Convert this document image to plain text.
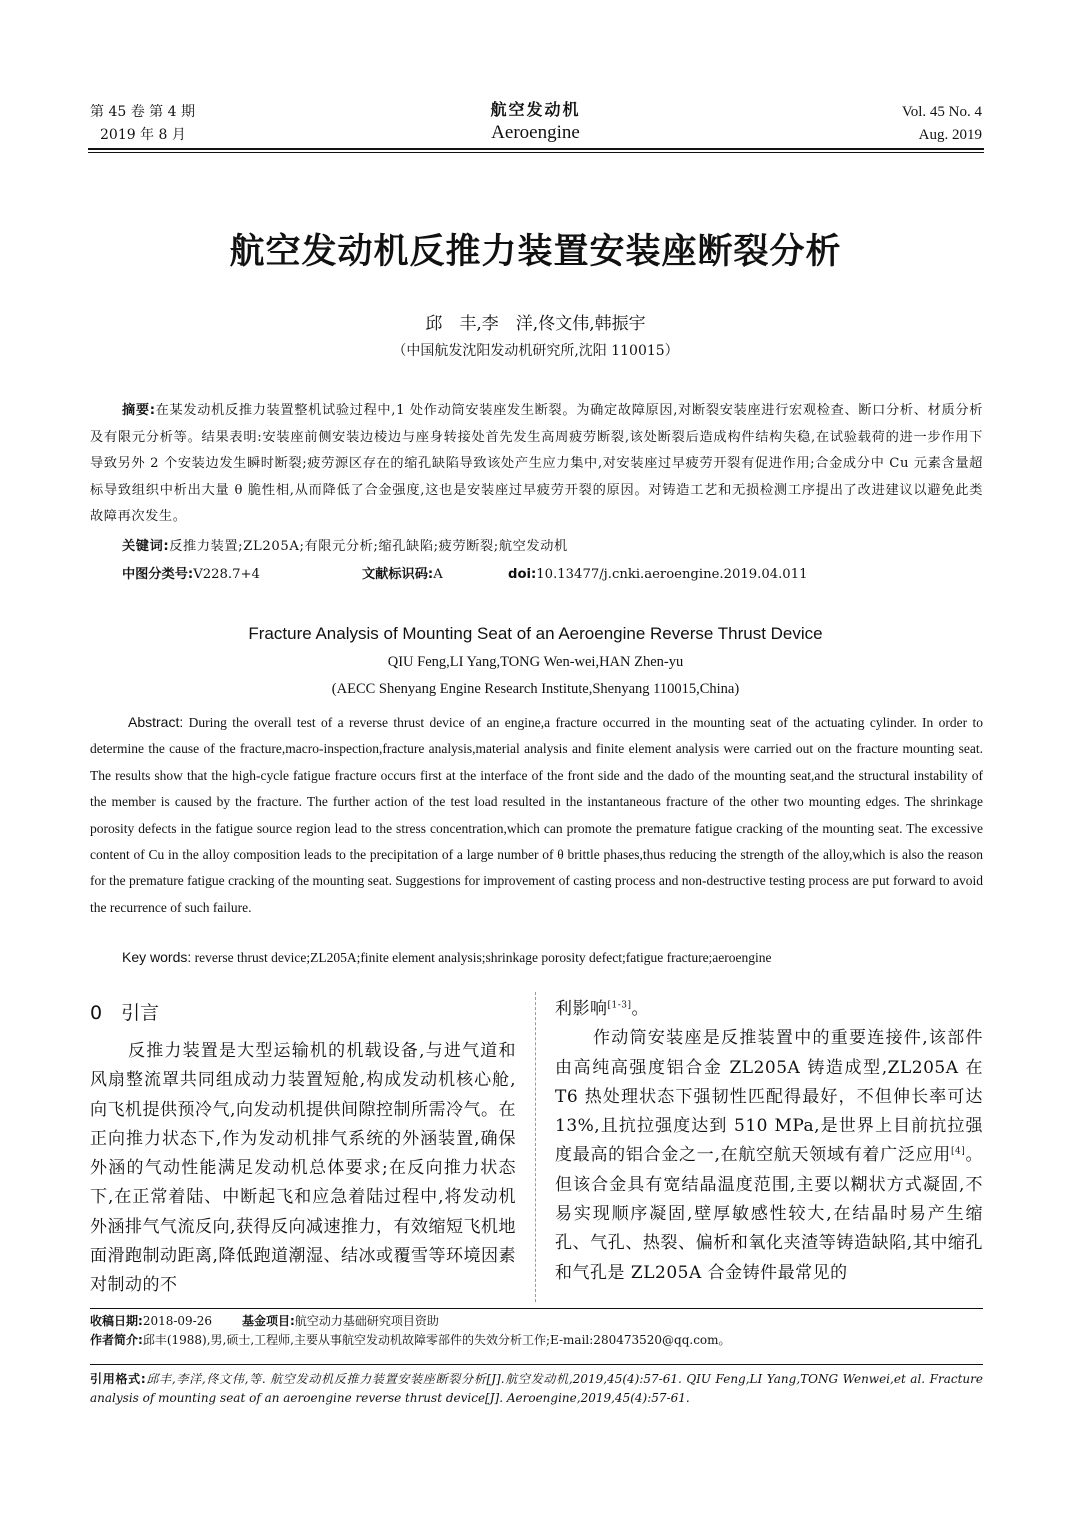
第 45 卷 第 4 期
2019 年 8 月
航空发动机
Aeroengine
Vol. 45 No. 4
Aug. 2019
航空发动机反推力装置安装座断裂分析
邱　丰,李　洋,佟文伟,韩振宇
（中国航发沈阳发动机研究所,沈阳 110015）
摘要:在某发动机反推力装置整机试验过程中,1 处作动筒安装座发生断裂。为确定故障原因,对断裂安装座进行宏观检查、断口分析、材质分析及有限元分析等。结果表明:安装座前侧安装边棱边与座身转接处首先发生高周疲劳断裂,该处断裂后造成构件结构失稳,在试验载荷的进一步作用下导致另外 2 个安装边发生瞬时断裂;疲劳源区存在的缩孔缺陷导致该处产生应力集中,对安装座过早疲劳开裂有促进作用;合金成分中 Cu 元素含量超标导致组织中析出大量 θ 脆性相,从而降低了合金强度,这也是安装座过早疲劳开裂的原因。对铸造工艺和无损检测工序提出了改进建议以避免此类故障再次发生。
关键词:反推力装置;ZL205A;有限元分析;缩孔缺陷;疲劳断裂;航空发动机
中图分类号:V228.7+4	文献标识码:A	doi:10.13477/j.cnki.aeroengine.2019.04.011
Fracture Analysis of Mounting Seat of an Aeroengine Reverse Thrust Device
QIU Feng,LI Yang,TONG Wen-wei,HAN Zhen-yu
(AECC Shenyang Engine Research Institute,Shenyang 110015,China)
Abstract: During the overall test of a reverse thrust device of an engine,a fracture occurred in the mounting seat of the actuating cylinder. In order to determine the cause of the fracture,macro-inspection,fracture analysis,material analysis and finite element analysis were carried out on the fracture mounting seat. The results show that the high-cycle fatigue fracture occurs first at the interface of the front side and the dado of the mounting seat,and the structural instability of the member is caused by the fracture. The further action of the test load resulted in the instantaneous fracture of the other two mounting edges. The shrinkage porosity defects in the fatigue source region lead to the stress concentration,which can promote the premature fatigue cracking of the mounting seat. The excessive content of Cu in the alloy composition leads to the precipitation of a large number of θ brittle phases,thus reducing the strength of the alloy,which is also the reason for the premature fatigue cracking of the mounting seat. Suggestions for improvement of casting process and non-destructive testing process are put forward to avoid the recurrence of such failure.
Key words: reverse thrust device;ZL205A;finite element analysis;shrinkage porosity defect;fatigue fracture;aeroengine
0　引言
反推力装置是大型运输机的机载设备,与进气道和风扇整流罩共同组成动力装置短舱,构成发动机核心舱,向飞机提供预冷气,向发动机提供间隙控制所需冷气。在正向推力状态下,作为发动机排气系统的外涵装置,确保外涵的气动性能满足发动机总体要求;在反向推力状态下,在正常着陆、中断起飞和应急着陆过程中,将发动机外涵排气气流反向,获得反向减速推力，有效缩短飞机地面滑跑制动距离,降低跑道潮湿、结冰或覆雪等环境因素对制动的不

利影响[1-3]。

作动筒安装座是反推装置中的重要连接件,该部件由高纯高强度铝合金 ZL205A 铸造成型,ZL205A 在 T6 热处理状态下强韧性匹配得最好，不但伸长率可达 13%,且抗拉强度达到 510 MPa,是世界上目前抗拉强度最高的铝合金之一,在航空航天领域有着广泛应用[4]。但该合金具有宽结晶温度范围,主要以糊状方式凝固,不易实现顺序凝固,壁厚敏感性较大,在结晶时易产生缩孔、气孔、热裂、偏析和氧化夹渣等铸造缺陷,其中缩孔和气孔是 ZL205A 合金铸件最常见的

收稿日期:2018-09-26	基金项目:航空动力基础研究项目资助
作者简介:邱丰(1988),男,硕士,工程师,主要从事航空发动机故障零部件的失效分析工作;E-mail:280473520@qq.com。
引用格式:邱丰,李洋,佟文伟,等. 航空发动机反推力装置安装座断裂分析[J].航空发动机,2019,45(4):57-61. QIU Feng,LI Yang,TONG Wenwei,et al. Fracture analysis of mounting seat of an aeroengine reverse thrust device[J]. Aeroengine,2019,45(4):57-61.
